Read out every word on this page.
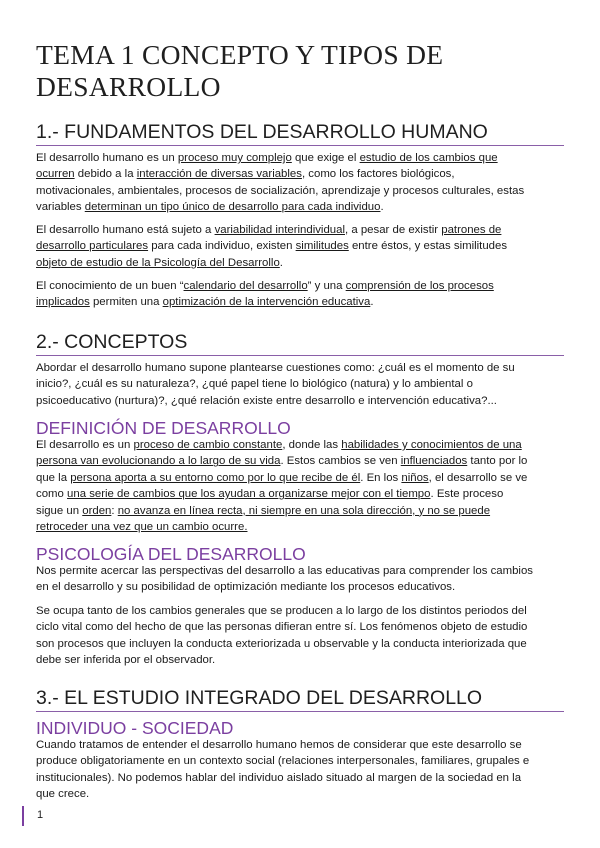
TEMA 1 CONCEPTO Y TIPOS DE
DESARROLLO
1.- FUNDAMENTOS DEL DESARROLLO HUMANO

El desarrollo humano es un proceso muy complejo que exige el estudio de los cambios que
ocurren debido a la interacción de diversas variables, como los factores biológicos,
motivacionales, ambientales, procesos de socialización, aprendizaje y procesos culturales, estas
variables determinan un tipo único de desarrollo para cada individuo.

El desarrollo humano está sujeto a variabilidad interindividual, a pesar de existir patrones de
desarrollo particulares para cada individuo, existen similitudes entre éstos, y estas similitudes
objeto de estudio de la Psicología del Desarrollo.

El conocimiento de un buen “calendario del desarrollo” y una comprensión de los procesos
implicados permiten una optimización de la intervención educativa.

2.- CONCEPTOS

Abordar el desarrollo humano supone plantearse cuestiones como: ¿cuál es el momento de su
inicio?, ¿cuál es su naturaleza?, ¿qué papel tiene lo biológico (natura) y lo ambiental o
psicoeducativo (nurtura)?, ¿qué relación existe entre desarrollo e intervención educativa?...

DEFINICIÓN DE DESARROLLO

El desarrollo es un proceso de cambio constante, donde las habilidades y conocimientos de una
persona van evolucionando a lo largo de su vida. Estos cambios se ven influenciados tanto por lo
que la persona aporta a su entorno como por lo que recibe de él. En los niños, el desarrollo se ve
como una serie de cambios que los ayudan a organizarse mejor con el tiempo. Este proceso
sigue un orden: no avanza en línea recta, ni siempre en una sola dirección, y no se puede
retroceder una vez que un cambio ocurre.

PSICOLOGÍA DEL DESARROLLO

Nos permite acercar las perspectivas del desarrollo a las educativas para comprender los cambios
en el desarrollo y su posibilidad de optimización mediante los procesos educativos.

Se ocupa tanto de los cambios generales que se producen a lo largo de los distintos periodos del
ciclo vital como del hecho de que las personas difieran entre sí. Los fenómenos objeto de estudio
son procesos que incluyen la conducta exteriorizada u observable y la conducta interiorizada que
debe ser inferida por el observador.

3.- EL ESTUDIO INTEGRADO DEL DESARROLLO
INDIVIDUO - SOCIEDAD

Cuando tratamos de entender el desarrollo humano hemos de considerar que este desarrollo se
produce obligatoriamente en un contexto social (relaciones interpersonales, familiares, grupales e
institucionales). No podemos hablar del individuo aislado situado al margen de la sociedad en la
que crece.

1
